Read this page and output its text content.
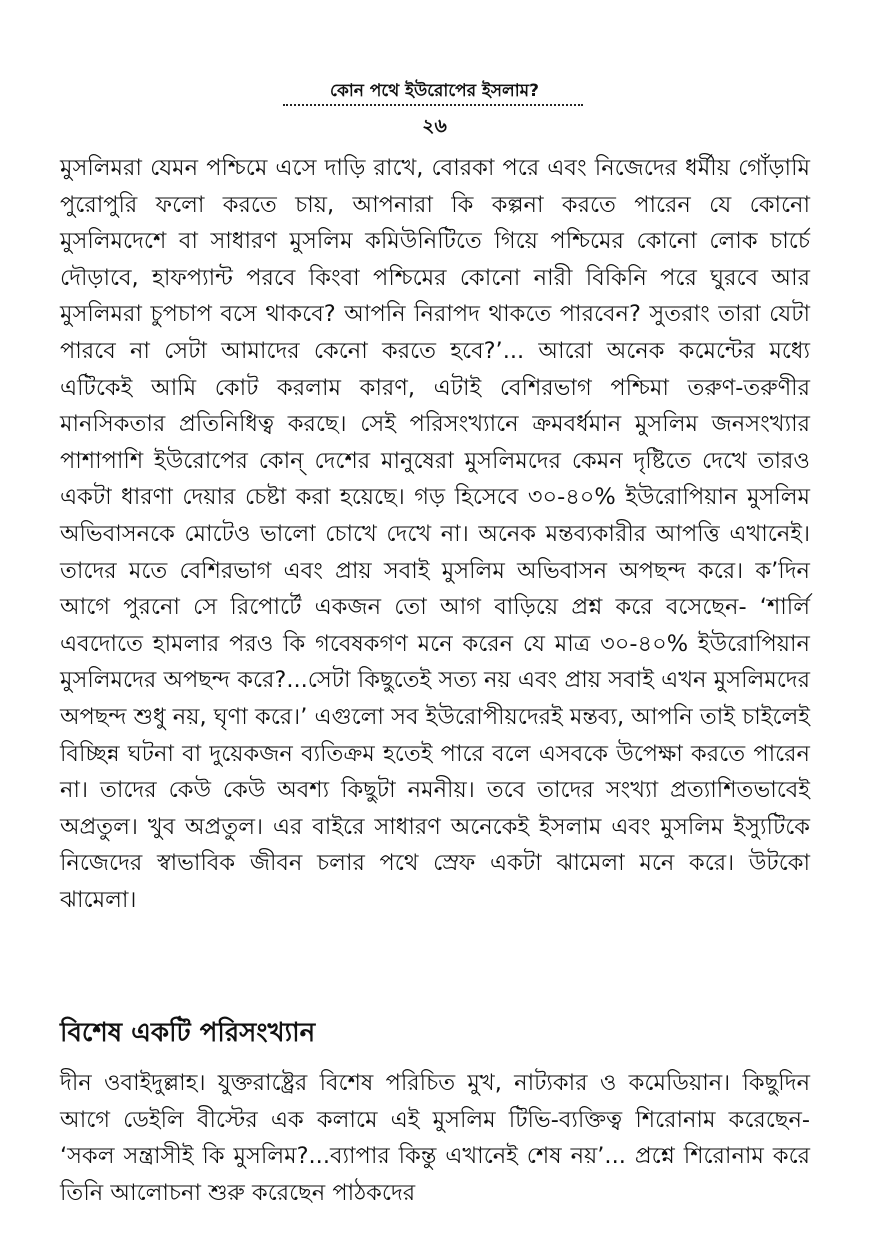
কোন পথে ইউরোপের ইসলাম?
২৬

মুসলিমরা যেমন পশ্চিমে এসে দাড়ি রাখে, বোরকা পরে এবং নিজেদের ধর্মীয় গোঁড়ামি পুরোপুরি ফলো করতে চায়, আপনারা কি কল্পনা করতে পারেন যে কোনো মুসলিমদেশে বা সাধারণ মুসলিম কমিউনিটিতে গিয়ে পশ্চিমের কোনো লোক চার্চে দৌড়াবে, হাফপ্যান্ট পরবে কিংবা পশ্চিমের কোনো নারী বিকিনি পরে ঘুরবে আর মুসলিমরা চুপচাপ বসে থাকবে? আপনি নিরাপদ থাকতে পারবেন? সুতরাং তারা যেটা পারবে না সেটা আমাদের কেনো করতে হবে?’... আরো অনেক কমেন্টের মধ্যে এটিকেই আমি কোট করলাম কারণ, এটাই বেশিরভাগ পশ্চিমা তরুণ-তরুণীর মানসিকতার প্রতিনিধিত্ব করছে। সেই পরিসংখ্যানে ক্রমবর্ধমান মুসলিম জনসংখ্যার পাশাপাশি ইউরোপের কোন্ দেশের মানুষেরা মুসলিমদের কেমন দৃষ্টিতে দেখে তারও একটা ধারণা দেয়ার চেষ্টা করা হয়েছে। গড় হিসেবে ৩০-৪০% ইউরোপিয়ান মুসলিম অভিবাসনকে মোটেও ভালো চোখে দেখে না। অনেক মন্তব্যকারীর আপত্তি এখানেই। তাদের মতে বেশিরভাগ এবং প্রায় সবাই মুসলিম অভিবাসন অপছন্দ করে। ক’দিন আগে পুরনো সে রিপোর্টে একজন তো আগ বাড়িয়ে প্রশ্ন করে বসেছেন- ‘শার্লি এবদোতে হামলার পরও কি গবেষকগণ মনে করেন যে মাত্র ৩০-৪০% ইউরোপিয়ান মুসলিমদের অপছন্দ করে?...সেটা কিছুতেই সত্য নয় এবং প্রায় সবাই এখন মুসলিমদের অপছন্দ শুধু নয়, ঘৃণা করে।’ এগুলো সব ইউরোপীয়দেরই মন্তব্য, আপনি তাই চাইলেই বিচ্ছিন্ন ঘটনা বা দুয়েকজন ব্যতিক্রম হতেই পারে বলে এসবকে উপেক্ষা করতে পারেন না। তাদের কেউ কেউ অবশ্য কিছুটা নমনীয়। তবে তাদের সংখ্যা প্রত্যাশিতভাবেই অপ্রতুল। খুব অপ্রতুল। এর বাইরে সাধারণ অনেকেই ইসলাম এবং মুসলিম ইস্যুটিকে নিজেদের স্বাভাবিক জীবন চলার পথে স্রেফ একটা ঝামেলা মনে করে। উটকো ঝামেলা।

বিশেষ একটি পরিসংখ্যান

দীন ওবাইদুল্লাহ। যুক্তরাষ্ট্রের বিশেষ পরিচিত মুখ, নাট্যকার ও কমেডিয়ান। কিছুদিন আগে ডেইলি বীস্টের এক কলামে এই মুসলিম টিভি-ব্যক্তিত্ব শিরোনাম করেছেন- ‘সকল সন্ত্রাসীই কি মুসলিম?...ব্যাপার কিন্তু এখানেই শেষ নয়’... প্রশ্নে শিরোনাম করে তিনি আলোচনা শুরু করেছেন পাঠকদের
